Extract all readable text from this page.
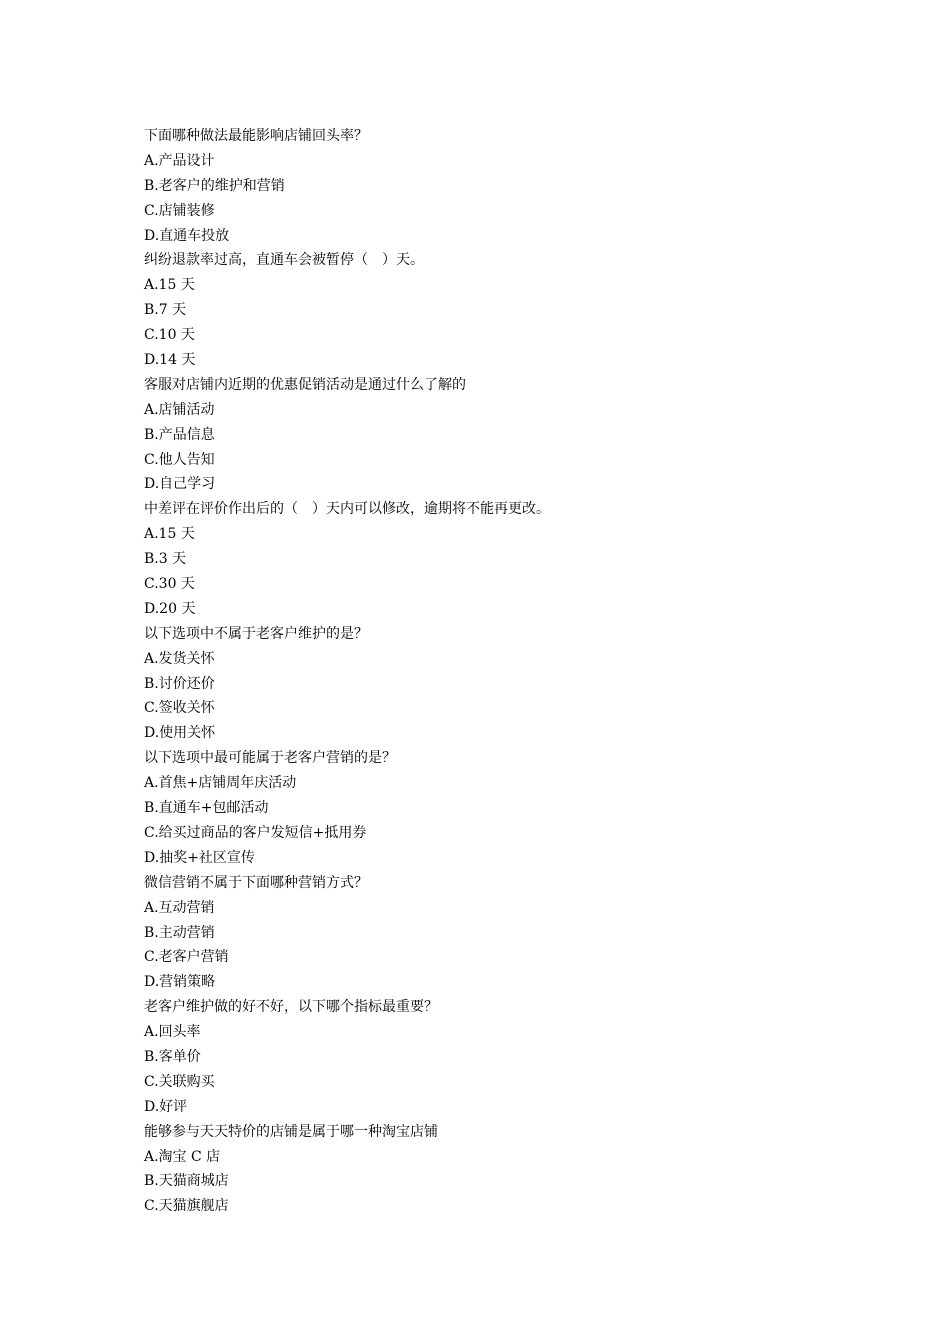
下面哪种做法最能影响店铺回头率？
A.产品设计
B.老客户的维护和营销
C.店铺装修
D.直通车投放
纠纷退款率过高，直通车会被暂停（　）天。
A.15 天
B.7 天
C.10 天
D.14 天
客服对店铺内近期的优惠促销活动是通过什么了解的
A.店铺活动
B.产品信息
C.他人告知
D.自己学习
中差评在评价作出后的（　）天内可以修改，逾期将不能再更改。
A.15 天
B.3 天
C.30 天
D.20 天
以下选项中不属于老客户维护的是？
A.发货关怀
B.讨价还价
C.签收关怀
D.使用关怀
以下选项中最可能属于老客户营销的是？
A.首焦+店铺周年庆活动
B.直通车+包邮活动
C.给买过商品的客户发短信+抵用券
D.抽奖+社区宣传
微信营销不属于下面哪种营销方式？
A.互动营销
B.主动营销
C.老客户营销
D.营销策略
老客户维护做的好不好，以下哪个指标最重要？
A.回头率
B.客单价
C.关联购买
D.好评
能够参与天天特价的店铺是属于哪一种淘宝店铺
A.淘宝 C 店
B.天猫商城店
C.天猫旗舰店
